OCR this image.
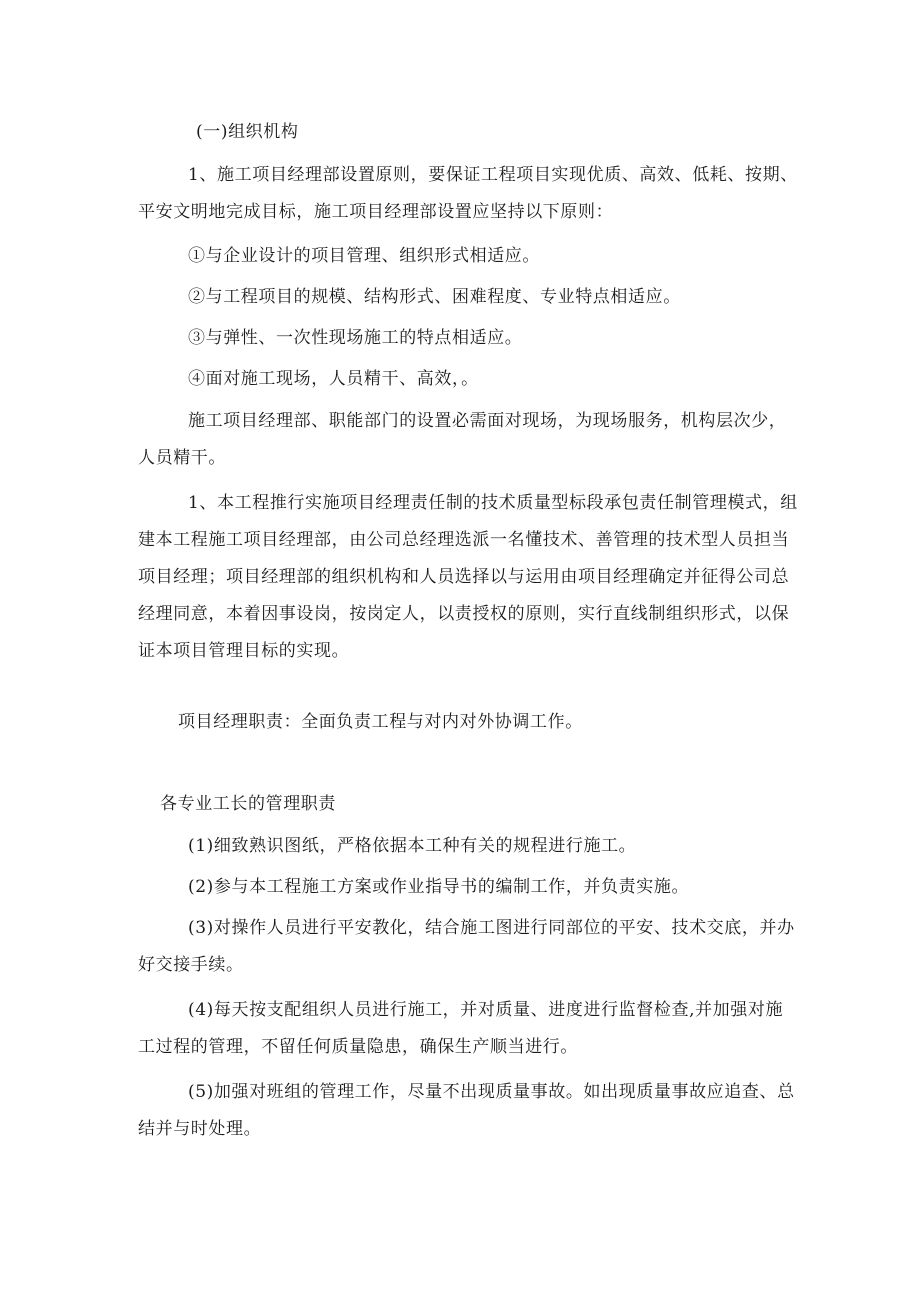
(一)组织机构

1、施工项目经理部设置原则，要保证工程项目实现优质、高效、低耗、按期、平安文明地完成目标，施工项目经理部设置应坚持以下原则：

①与企业设计的项目管理、组织形式相适应。

②与工程项目的规模、结构形式、困难程度、专业特点相适应。

③与弹性、一次性现场施工的特点相适应。

④面对施工现场，人员精干、高效，。

施工项目经理部、职能部门的设置必需面对现场，为现场服务，机构层次少，人员精干。

1、本工程推行实施项目经理责任制的技术质量型标段承包责任制管理模式，组建本工程施工项目经理部，由公司总经理选派一名懂技术、善管理的技术型人员担当项目经理；项目经理部的组织机构和人员选择以与运用由项目经理确定并征得公司总经理同意，本着因事设岗，按岗定人，以责授权的原则，实行直线制组织形式，以保证本项目管理目标的实现。

项目经理职责：全面负责工程与对内对外协调工作。

各专业工长的管理职责

(1)细致熟识图纸，严格依据本工种有关的规程进行施工。

(2)参与本工程施工方案或作业指导书的编制工作，并负责实施。

(3)对操作人员进行平安教化，结合施工图进行同部位的平安、技术交底，并办好交接手续。

(4)每天按支配组织人员进行施工，并对质量、进度进行监督检查,并加强对施工过程的管理，不留任何质量隐患，确保生产顺当进行。

(5)加强对班组的管理工作，尽量不出现质量事故。如出现质量事故应追查、总结并与时处理。
